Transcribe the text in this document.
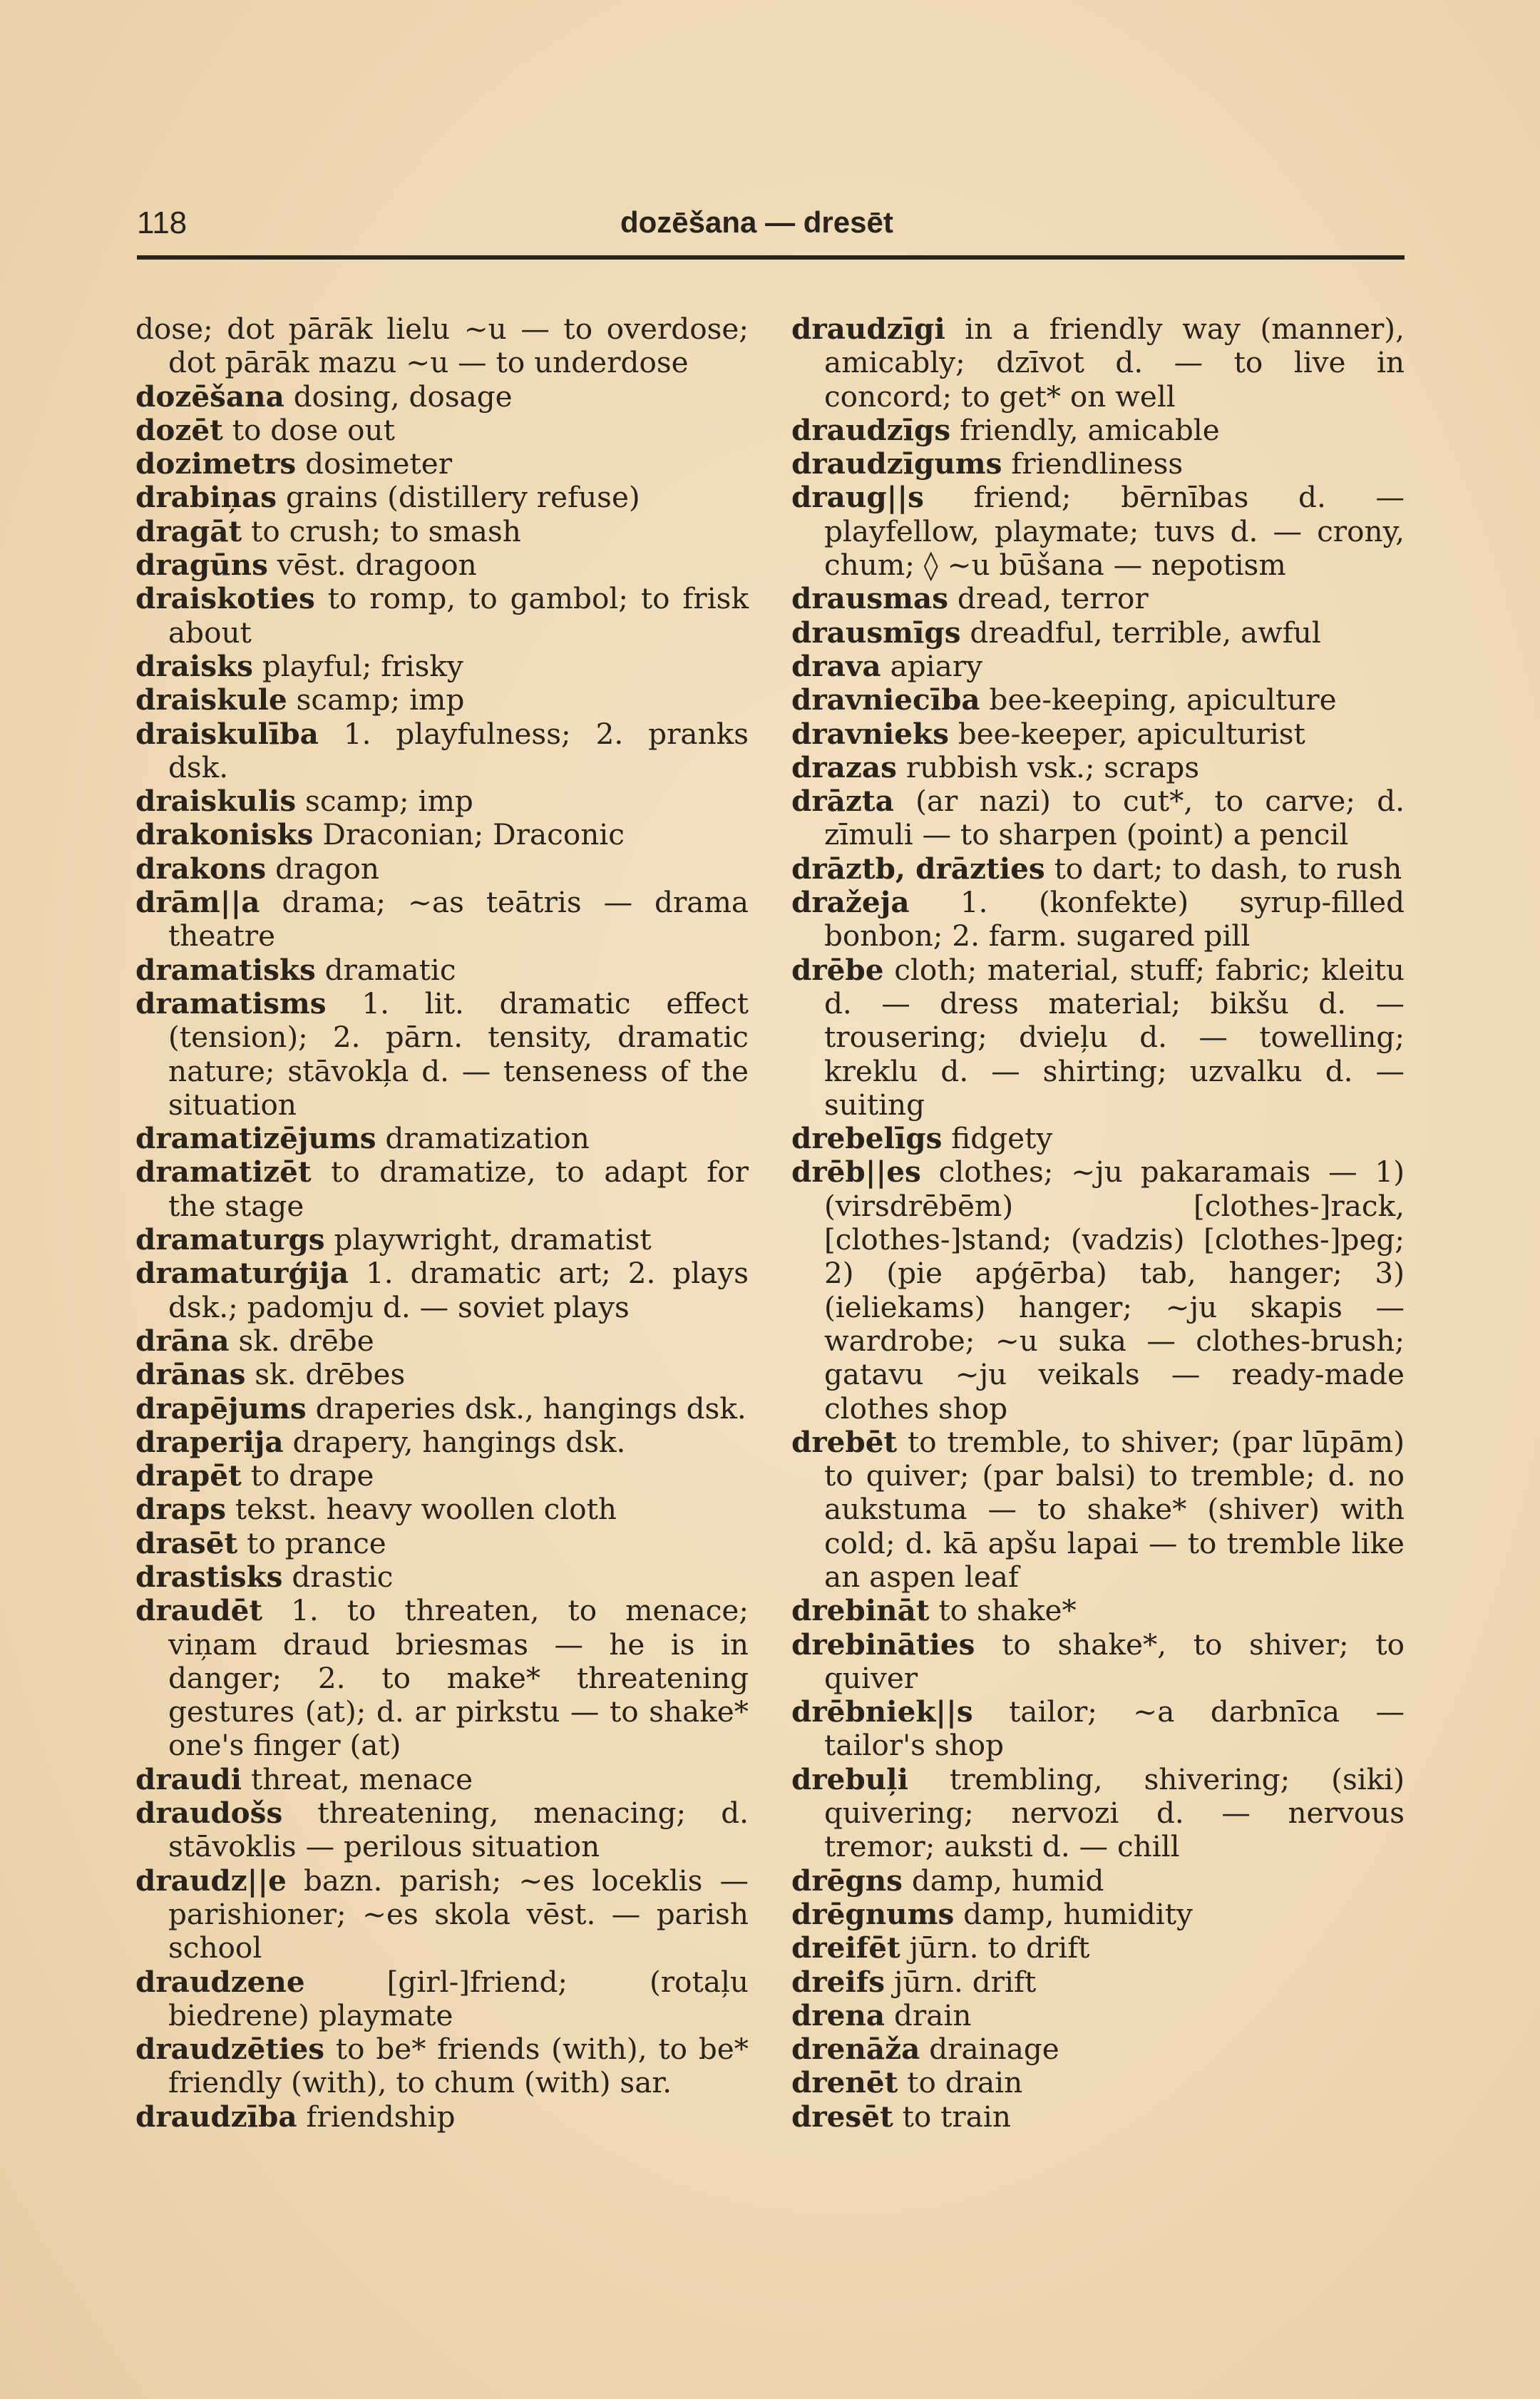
118	dozēšana — dresēt

dose; dot pārāk lielu ~u — to overdose; dot pārāk mazu ~u — to underdose

dozēšana dosing, dosage

dozēt to dose out

dozimetrs dosimeter

drabiņas grains (distillery refuse)

dragāt to crush; to smash

dragūns vēst. dragoon

draiskoties to romp, to gambol; to frisk about

draisks playful; frisky

draiskule scamp; imp

draiskulība 1. playfulness; 2. pranks dsk.

draiskulis scamp; imp

drakonisks Draconian; Draconic

drakons dragon

drām||a drama; ~as teātris — drama theatre

dramatisks dramatic

dramatisms 1. lit. dramatic effect (tension); 2. pārn. tensity, dramatic nature; stāvokļa d. — tenseness of the situation

dramatizējums dramatization

dramatizēt to dramatize, to adapt for the stage

dramaturgs playwright, dramatist

dramaturģija 1. dramatic art; 2. plays dsk.; padomju d. — soviet plays

drāna sk. drēbe

drānas sk. drēbes

drapējums draperies dsk., hangings dsk.

draperija drapery, hangings dsk.

drapēt to drape

draps tekst. heavy woollen cloth

drasēt to prance

drastisks drastic

draudēt 1. to threaten, to menace; viņam draud briesmas — he is in danger; 2. to make* threatening gestures (at); d. ar pirkstu — to shake* one's finger (at)

draudi threat, menace

draudošs threatening, menacing; d. stāvoklis — perilous situation

draudz||e bazn. parish; ~es loceklis — parishioner; ~es skola vēst. — parish school

draudzene	[girl-]friend; (rotaļu biedrene) playmate

draudzēties to be* friends (with), to be* friendly (with), to chum (with) sar.

draudzība friendship

draudzīgi in a friendly way (manner), amicably; dzīvot d. — to live in concord; to get* on well

draudzīgs friendly, amicable

draudzīgums friendliness

draug||s friend; bērnības d. — playfellow, playmate; tuvs d. — crony, chum; ◊ ~u būšana — nepotism

drausmas dread, terror

drausmīgs dreadful, terrible, awful

drava apiary

dravniecība bee-keeping, apiculture

dravnieks bee-keeper, apiculturist

drazas rubbish vsk.; scraps

drāzta (ar nazi) to cut*, to carve; d. zīmuli — to sharpen (point) a pencil

drāztb, drāzties to dart; to dash, to rush

dražeja 1. (konfekte) syrup-filled bonbon; 2. farm. sugared pill

drēbe cloth; material, stuff; fabric; kleitu d. — dress material; bikšu d. — trousering; dvieļu d. — towelling; kreklu d. — shirting; uzvalku d. — suiting

drebelīgs fidgety

drēb||es clothes; ~ju pakaramais — 1) (virsdrēbēm) [clothes-]rack, [clothes-]stand; (vadzis) [clothes-]peg; 2) (pie apģērba) tab, hanger; 3) (ieliekams) hanger; ~ju skapis — wardrobe; ~u suka — clothes-brush; gatavu ~ju veikals — ready-made clothes shop

drebēt to tremble, to shiver; (par lūpām) to quiver; (par balsi) to tremble; d. no aukstuma — to shake* (shiver) with cold; d. kā apšu lapai — to tremble like an aspen leaf

drebināt to shake*

drebināties to shake*, to shiver; to quiver

drēbniek||s tailor; ~a darbnīca — tailor's shop

drebuļi trembling, shivering; (siki) quivering; nervozi d. — nervous tremor; auksti d. — chill

drēgns damp, humid

drēgnums damp, humidity

dreifēt jūrn. to drift

dreifs jūrn. drift

drena drain

drenāža drainage

drenēt to drain

dresēt to train
